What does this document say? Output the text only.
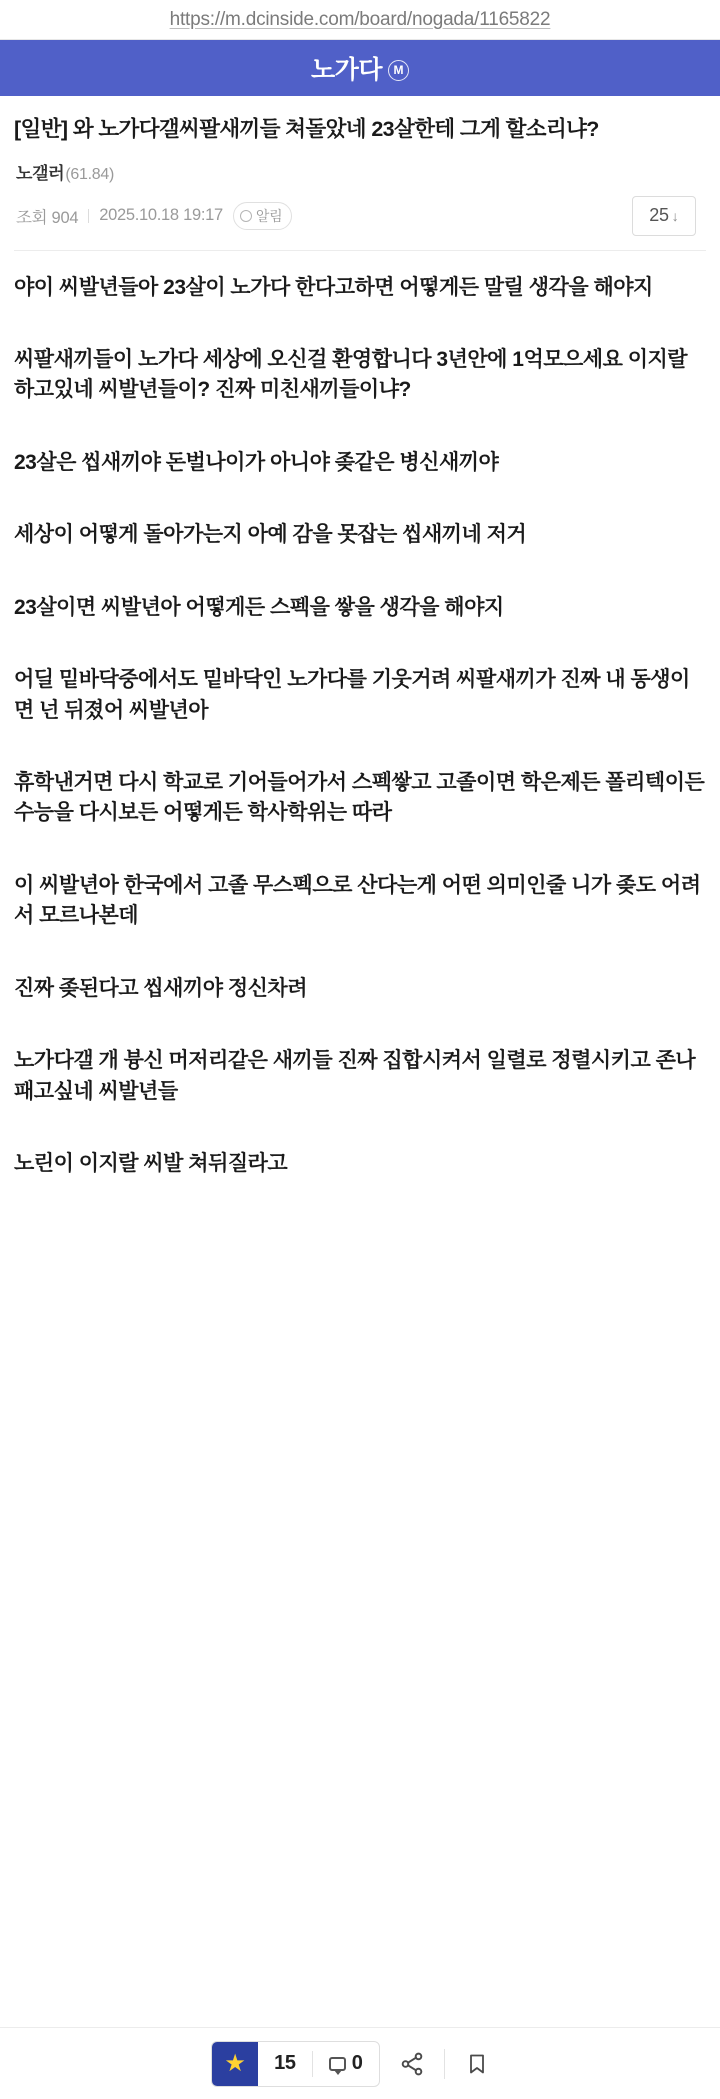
https://m.dcinside.com/board/nogada/1165822
노가다 M
[일반] 와 노가다갤씨팔새끼들 쳐돌았네 23살한테 그게 할소리냐?
노갤러 (61.84)
조회 904 2025.10.18 19:17 알림	25 ↓

야이 씨발년들아 23살이 노가다 한다고하면 어떻게든 말릴 생각을 해야지

씨팔새끼들이 노가다 세상에 오신걸 환영합니다 3년안에 1억모으세요 이지랄하고있네 씨발년들이? 진짜 미친새끼들이냐?

23살은 씹새끼야 돈벌나이가 아니야 좆같은 병신새끼야

세상이 어떻게 돌아가는지 아예 감을 못잡는 씹새끼네 저거

23살이면 씨발년아 어떻게든 스펙을 쌓을 생각을 해야지

어딜 밑바닥중에서도 밑바닥인 노가다를 기웃거려 씨팔새끼가 진짜 내 동생이면 넌 뒤졌어 씨발년아

휴학낸거면 다시 학교로 기어들어가서 스펙쌓고 고졸이면 학은제든 폴리텍이든 수능을 다시보든 어떻게든 학사학위는 따라

이 씨발년아 한국에서 고졸 무스펙으로 산다는게 어떤 의미인줄 니가 좆도 어려서 모르나본데

진짜 좆된다고 씹새끼야 정신차려

노가다갤 개 븅신 머저리같은 새끼들 진짜 집합시켜서 일렬로 정렬시키고 존나패고싶네 씨발년들

노린이 이지랄 씨발 쳐뒤질라고

★	15	0
